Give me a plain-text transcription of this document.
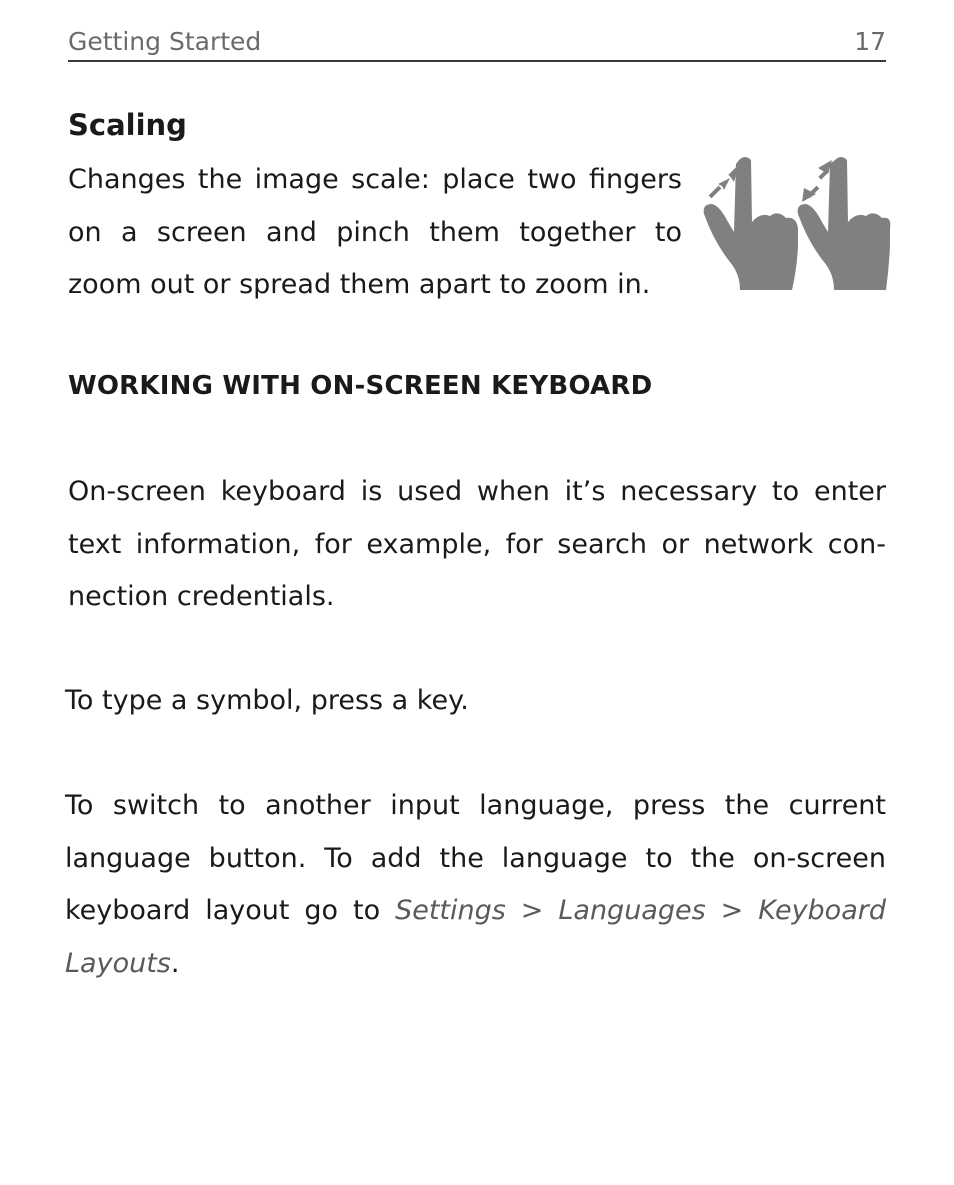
Getting Started	17
Scaling
Changes the image scale: place two fingers on a screen and pinch them together to zoom out or spread them apart to zoom in.
WORKING WITH ON-SCREEN KEYBOARD
On-screen keyboard is used when it’s necessary to enter text information, for example, for search or network con-nection credentials.
To type a symbol, press a key.
To switch to another input language, press the current language button. To add the language to the on-screen keyboard layout go to Settings > Languages > Keyboard Layouts.
